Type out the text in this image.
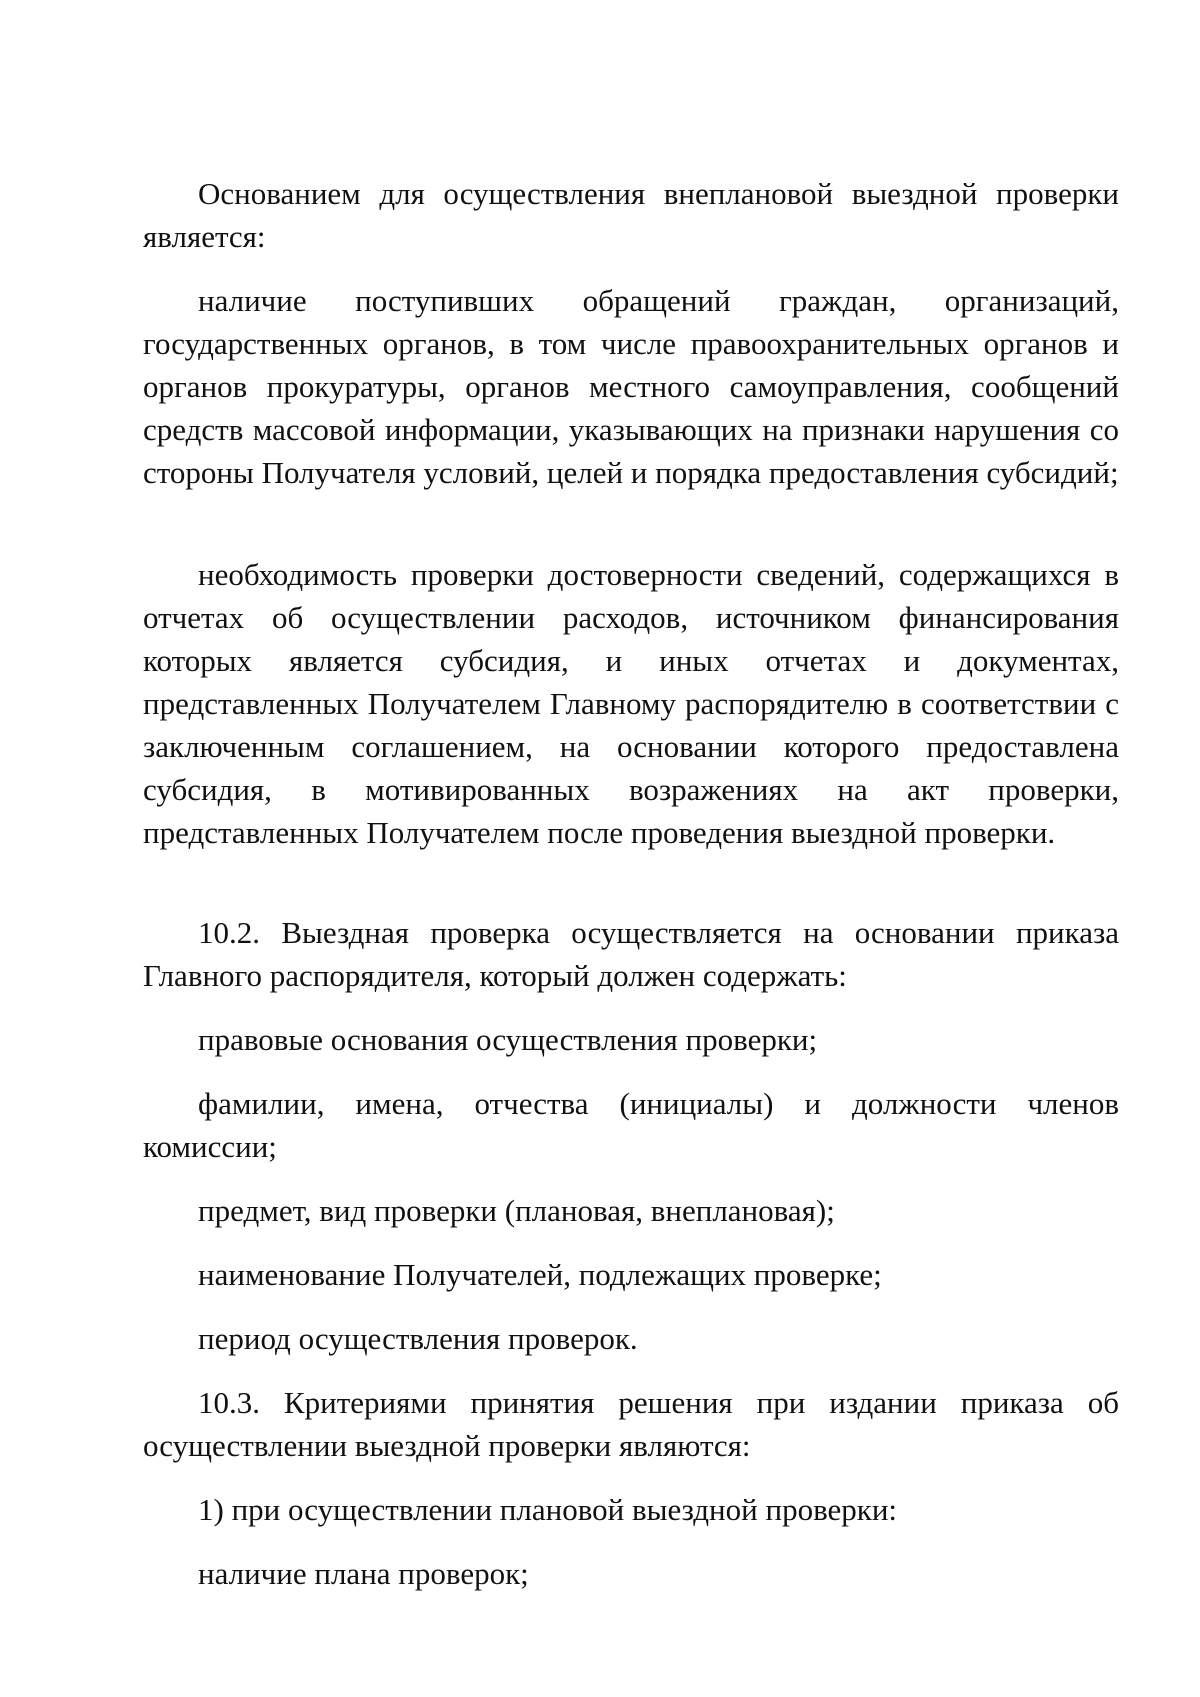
Основанием для осуществления внеплановой выездной проверки является:

наличие поступивших обращений граждан, организаций, государственных органов, в том числе правоохранительных органов и органов прокуратуры, органов местного самоуправления, сообщений средств массовой информации, указывающих на признаки нарушения со стороны Получателя условий, целей и порядка предоставления субсидий;

необходимость проверки достоверности сведений, содержащихся в отчетах об осуществлении расходов, источником финансирования которых является субсидия, и иных отчетах и документах, представленных Получателем Главному распорядителю в соответствии с заключенным соглашением, на основании которого предоставлена субсидия, в мотивированных возражениях на акт проверки, представленных Получателем после проведения выездной проверки.

10.2. Выездная проверка осуществляется на основании приказа Главного распорядителя, который должен содержать:

правовые основания осуществления проверки;

фамилии, имена, отчества (инициалы) и должности членов комиссии;

предмет, вид проверки (плановая, внеплановая);

наименование Получателей, подлежащих проверке;

период осуществления проверок.

10.3. Критериями принятия решения при издании приказа об осуществлении выездной проверки являются:

1) при осуществлении плановой выездной проверки:

наличие плана проверок;
